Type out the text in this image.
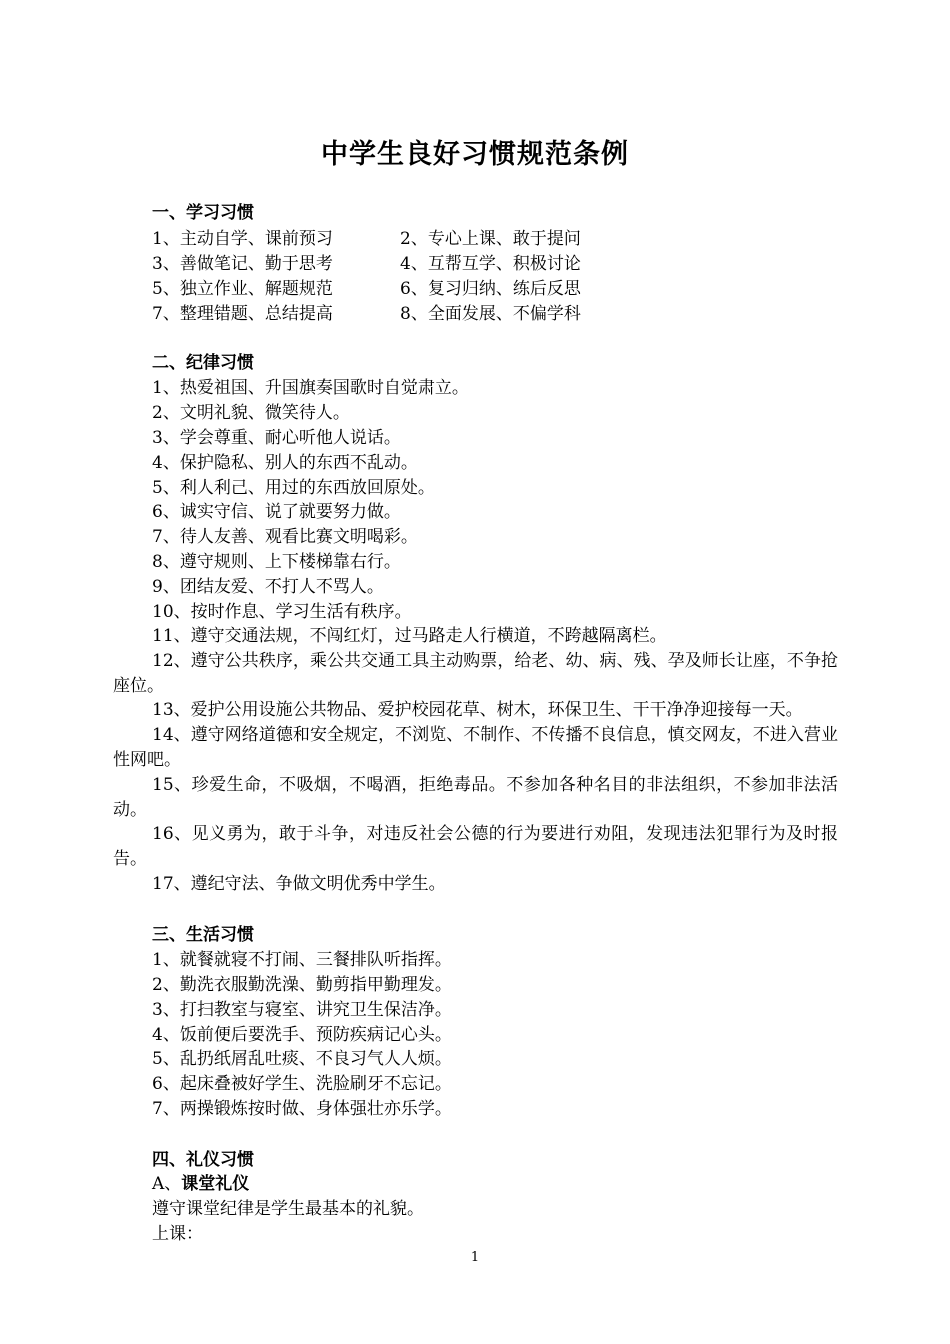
中学生良好习惯规范条例
一、学习习惯
1、主动自学、课前预习	2、专心上课、敢于提问
3、善做笔记、勤于思考	4、互帮互学、积极讨论
5、独立作业、解题规范	6、复习归纳、练后反思
7、整理错题、总结提高	8、全面发展、不偏学科
二、纪律习惯
1、热爱祖国、升国旗奏国歌时自觉肃立。
2、文明礼貌、微笑待人。
3、学会尊重、耐心听他人说话。
4、保护隐私、别人的东西不乱动。
5、利人利己、用过的东西放回原处。
6、诚实守信、说了就要努力做。
7、待人友善、观看比赛文明喝彩。
8、遵守规则、上下楼梯靠右行。
9、团结友爱、不打人不骂人。
10、按时作息、学习生活有秩序。
11、遵守交通法规，不闯红灯，过马路走人行横道，不跨越隔离栏。
12、遵守公共秩序，乘公共交通工具主动购票，给老、幼、病、残、孕及师长让座，不争抢座位。
13、爱护公用设施公共物品、爱护校园花草、树木，环保卫生、干干净净迎接每一天。
14、遵守网络道德和安全规定，不浏览、不制作、不传播不良信息，慎交网友，不进入营业性网吧。
15、珍爱生命，不吸烟，不喝酒，拒绝毒品。不参加各种名目的非法组织，不参加非法活动。
16、见义勇为，敢于斗争，对违反社会公德的行为要进行劝阻，发现违法犯罪行为及时报告。
17、遵纪守法、争做文明优秀中学生。
三、生活习惯
1、就餐就寝不打闹、三餐排队听指挥。
2、勤洗衣服勤洗澡、勤剪指甲勤理发。
3、打扫教室与寝室、讲究卫生保洁净。
4、饭前便后要洗手、预防疾病记心头。
5、乱扔纸屑乱吐痰、不良习气人人烦。
6、起床叠被好学生、洗脸刷牙不忘记。
7、两操锻炼按时做、身体强壮亦乐学。
四、礼仪习惯
A、课堂礼仪
遵守课堂纪律是学生最基本的礼貌。
上课：
1
